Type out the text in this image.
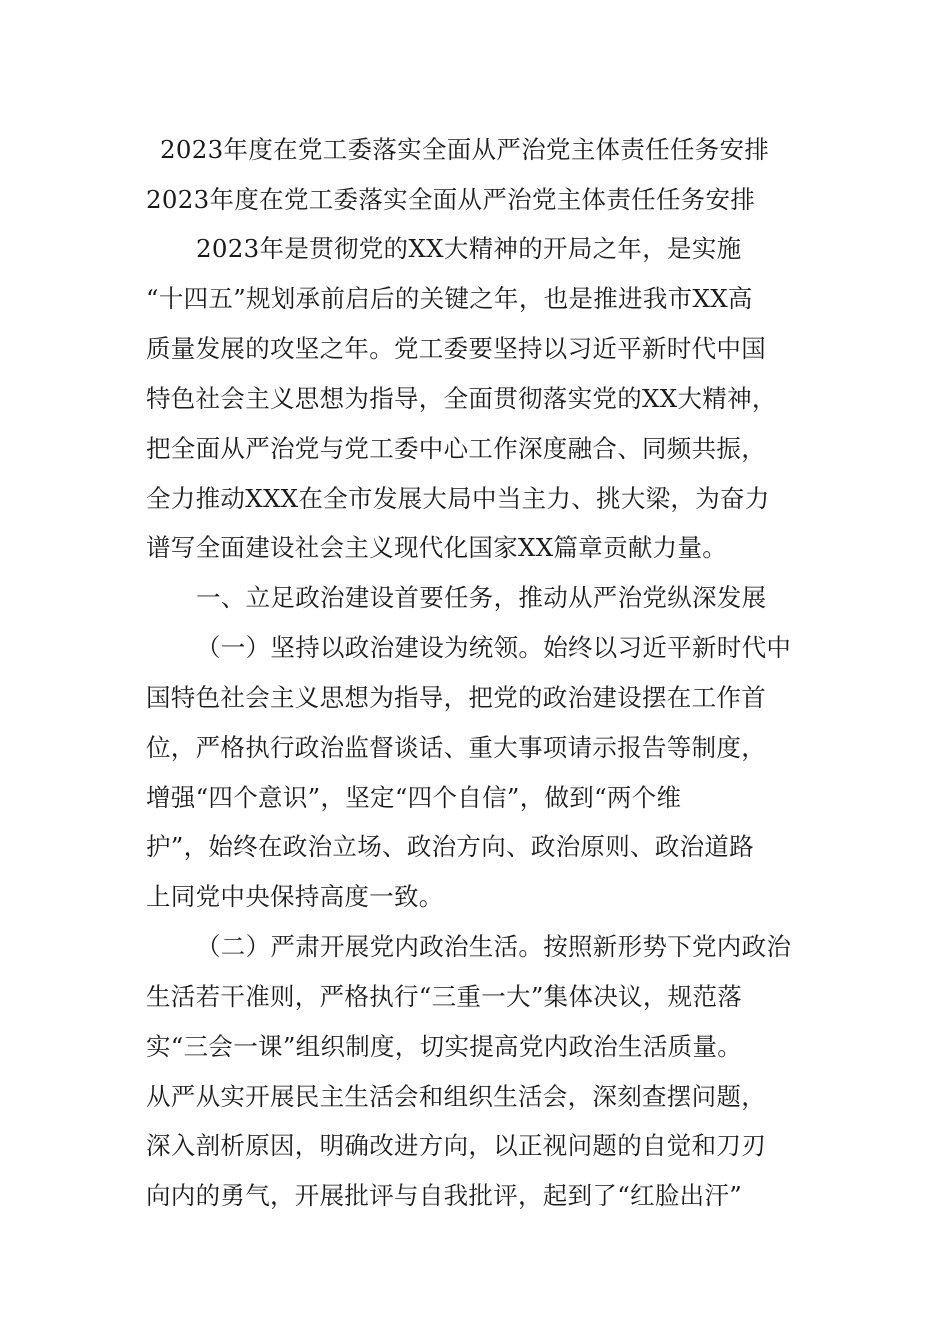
2023年度在党工委落实全面从严治党主体责任任务安排
2023年度在党工委落实全面从严治党主体责任任务安排
2023年是贯彻党的XX大精神的开局之年，是实施
“十四五”规划承前启后的关键之年，也是推进我市XX高
质量发展的攻坚之年。党工委要坚持以习近平新时代中国
特色社会主义思想为指导，全面贯彻落实党的XX大精神，
把全面从严治党与党工委中心工作深度融合、同频共振，
全力推动XXX在全市发展大局中当主力、挑大梁，为奋力
谱写全面建设社会主义现代化国家XX篇章贡献力量。
一、立足政治建设首要任务，推动从严治党纵深发展
（一）坚持以政治建设为统领。始终以习近平新时代中
国特色社会主义思想为指导，把党的政治建设摆在工作首
位，严格执行政治监督谈话、重大事项请示报告等制度，
增强“四个意识”，坚定“四个自信”，做到“两个维
护”，始终在政治立场、政治方向、政治原则、政治道路
上同党中央保持高度一致。
（二）严肃开展党内政治生活。按照新形势下党内政治
生活若干准则，严格执行“三重一大”集体决议，规范落
实“三会一课”组织制度，切实提高党内政治生活质量。
从严从实开展民主生活会和组织生活会，深刻查摆问题，
深入剖析原因，明确改进方向，以正视问题的自觉和刀刃
向内的勇气，开展批评与自我批评，起到了“红脸出汗”
